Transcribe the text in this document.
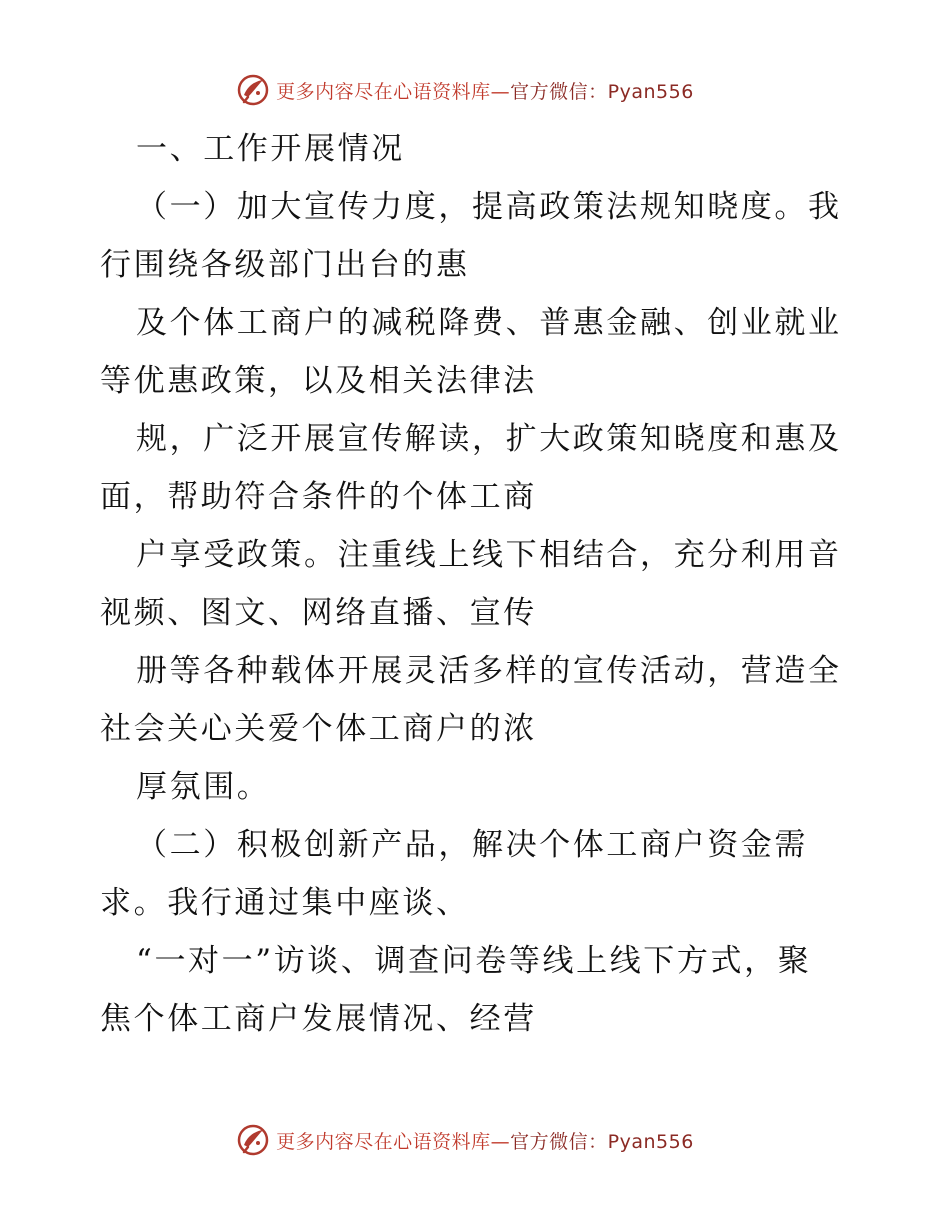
更多内容尽在心语资料库—官方微信：Pyan556
一、工作开展情况
（一）加大宣传力度，提高政策法规知晓度。我
行围绕各级部门出台的惠
及个体工商户的减税降费、普惠金融、创业就业
等优惠政策，以及相关法律法
规，广泛开展宣传解读，扩大政策知晓度和惠及
面，帮助符合条件的个体工商
户享受政策。注重线上线下相结合，充分利用音
视频、图文、网络直播、宣传
册等各种载体开展灵活多样的宣传活动，营造全
社会关心关爱个体工商户的浓
厚氛围。
（二）积极创新产品，解决个体工商户资金需
求。我行通过集中座谈、
“一对一”访谈、调查问卷等线上线下方式，聚
焦个体工商户发展情况、经营
更多内容尽在心语资料库—官方微信：Pyan556
